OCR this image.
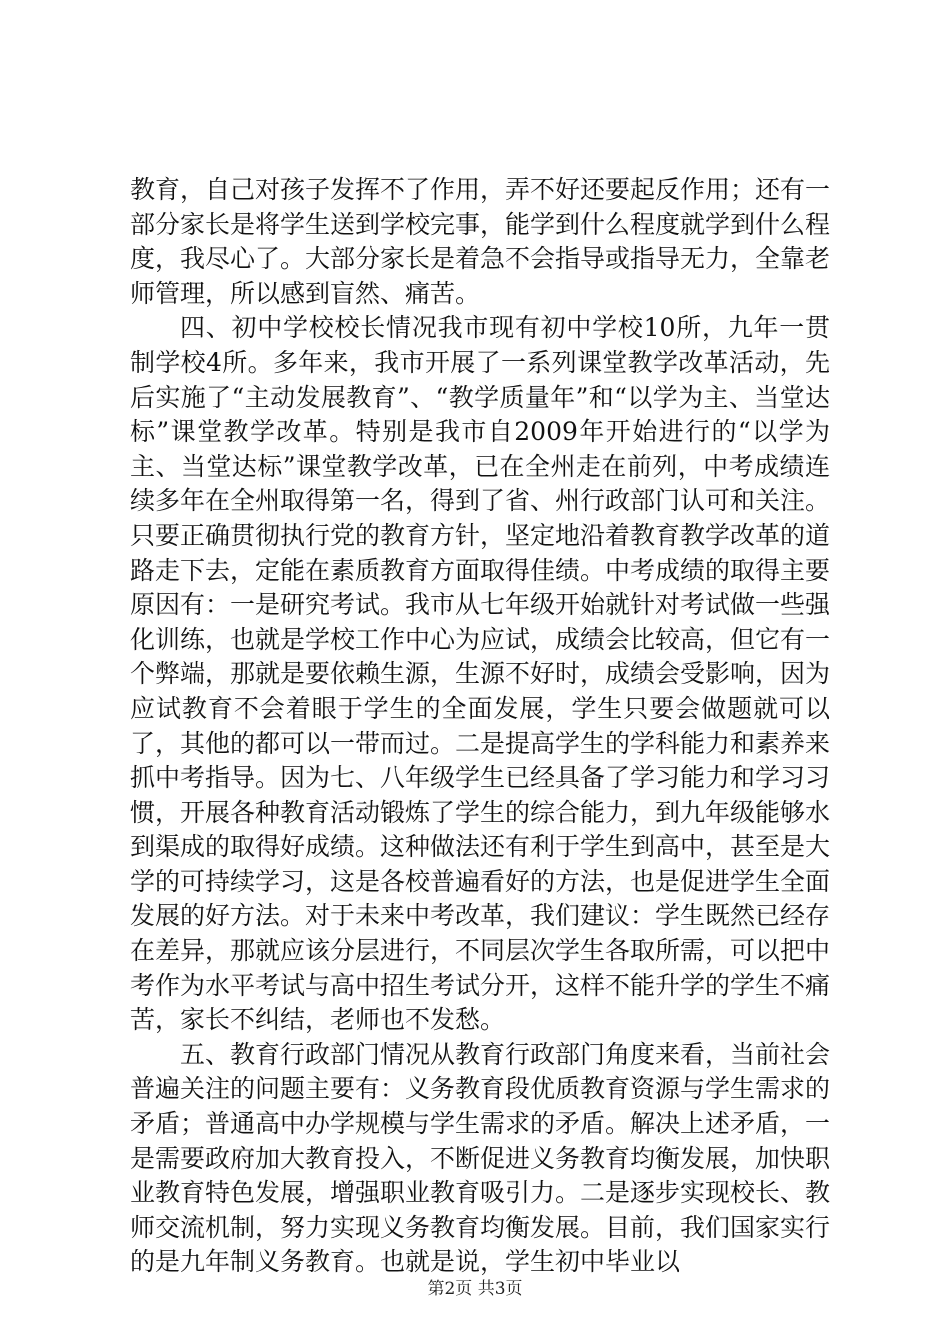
教育，自己对孩子发挥不了作用，弄不好还要起反作用；还有一部分家长是将学生送到学校完事，能学到什么程度就学到什么程度，我尽心了。大部分家长是着急不会指导或指导无力，全靠老师管理，所以感到盲然、痛苦。

四、初中学校校长情况我市现有初中学校10所，九年一贯制学校4所。多年来，我市开展了一系列课堂教学改革活动，先后实施了“主动发展教育”、“教学质量年”和“以学为主、当堂达标”课堂教学改革。特别是我市自2009年开始进行的“以学为主、当堂达标”课堂教学改革，已在全州走在前列，中考成绩连续多年在全州取得第一名，得到了省、州行政部门认可和关注。只要正确贯彻执行党的教育方针，坚定地沿着教育教学改革的道路走下去，定能在素质教育方面取得佳绩。中考成绩的取得主要原因有：一是研究考试。我市从七年级开始就针对考试做一些强化训练，也就是学校工作中心为应试，成绩会比较高，但它有一个弊端，那就是要依赖生源，生源不好时，成绩会受影响，因为应试教育不会着眼于学生的全面发展，学生只要会做题就可以了，其他的都可以一带而过。二是提高学生的学科能力和素养来抓中考指导。因为七、八年级学生已经具备了学习能力和学习习惯，开展各种教育活动锻炼了学生的综合能力，到九年级能够水到渠成的取得好成绩。这种做法还有利于学生到高中，甚至是大学的可持续学习，这是各校普遍看好的方法，也是促进学生全面发展的好方法。对于未来中考改革，我们建议：学生既然已经存在差异，那就应该分层进行，不同层次学生各取所需，可以把中考作为水平考试与高中招生考试分开，这样不能升学的学生不痛苦，家长不纠结，老师也不发愁。

五、教育行政部门情况从教育行政部门角度来看，当前社会普遍关注的问题主要有：义务教育段优质教育资源与学生需求的矛盾；普通高中办学规模与学生需求的矛盾。解决上述矛盾，一是需要政府加大教育投入，不断促进义务教育均衡发展，加快职业教育特色发展，增强职业教育吸引力。二是逐步实现校长、教师交流机制，努力实现义务教育均衡发展。目前，我们国家实行的是九年制义务教育。也就是说，学生初中毕业以

第2页 共3页
